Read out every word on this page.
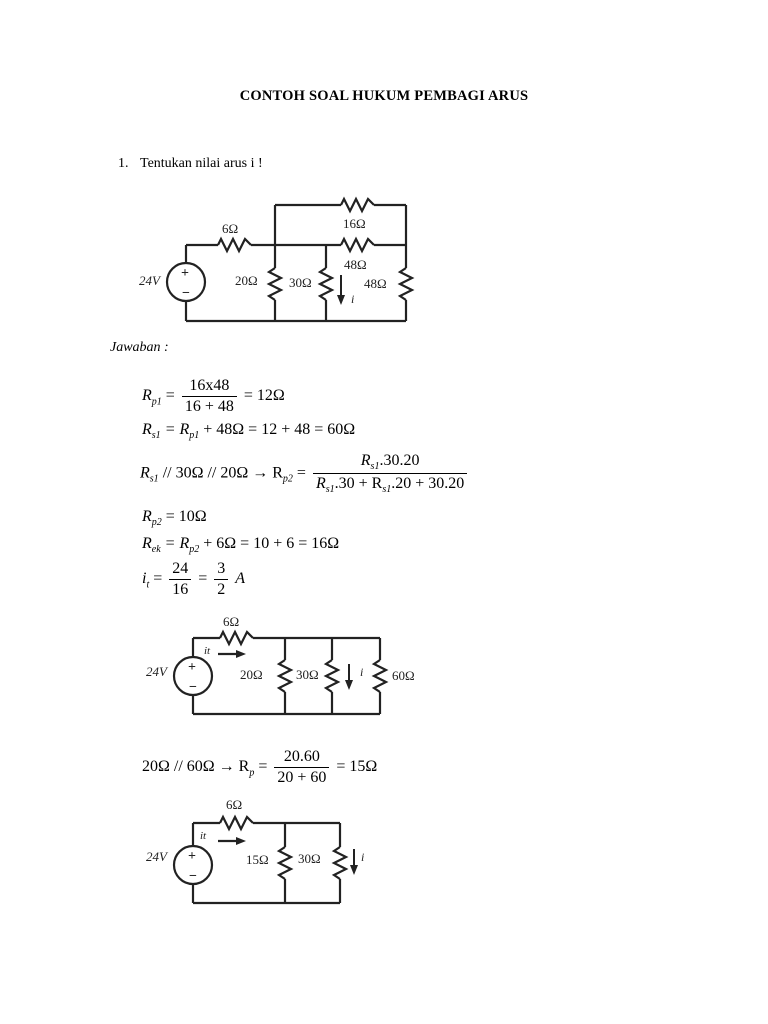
CONTOH SOAL HUKUM PEMBAGI ARUS
1. Tentukan nilai arus i !
+
−
24V
6Ω	16Ω
48Ω
20Ω 30Ω	48Ω
i
Jawaban :
$R_{p1} = \frac{16x48}{16 + 48} = 12\Omega$
$R_{s1} = R_{p1} + 48\Omega = 12 + 48 = 60\Omega$
$R_{s1} // 30\Omega // 20\Omega \to R_{p2} = \frac{R_{s1}.30.20}{R_{s1}.30 + R_{s1}.20 + 30.20}$
$R_{p2} = 10\Omega$
$R_{ek} = R_{p2} + 6\Omega = 10 + 6 = 16\Omega$
$i_t = \frac{24}{16} = \frac{3}{2}$ A
+
−
24V
6Ω
20Ω	30Ω	60Ω
i
it
$20\Omega // 60\Omega \to R_p = \frac{20.60}{20 + 60} = 15\Omega$
+
−
24V
6Ω
15Ω 30Ω	i
it
